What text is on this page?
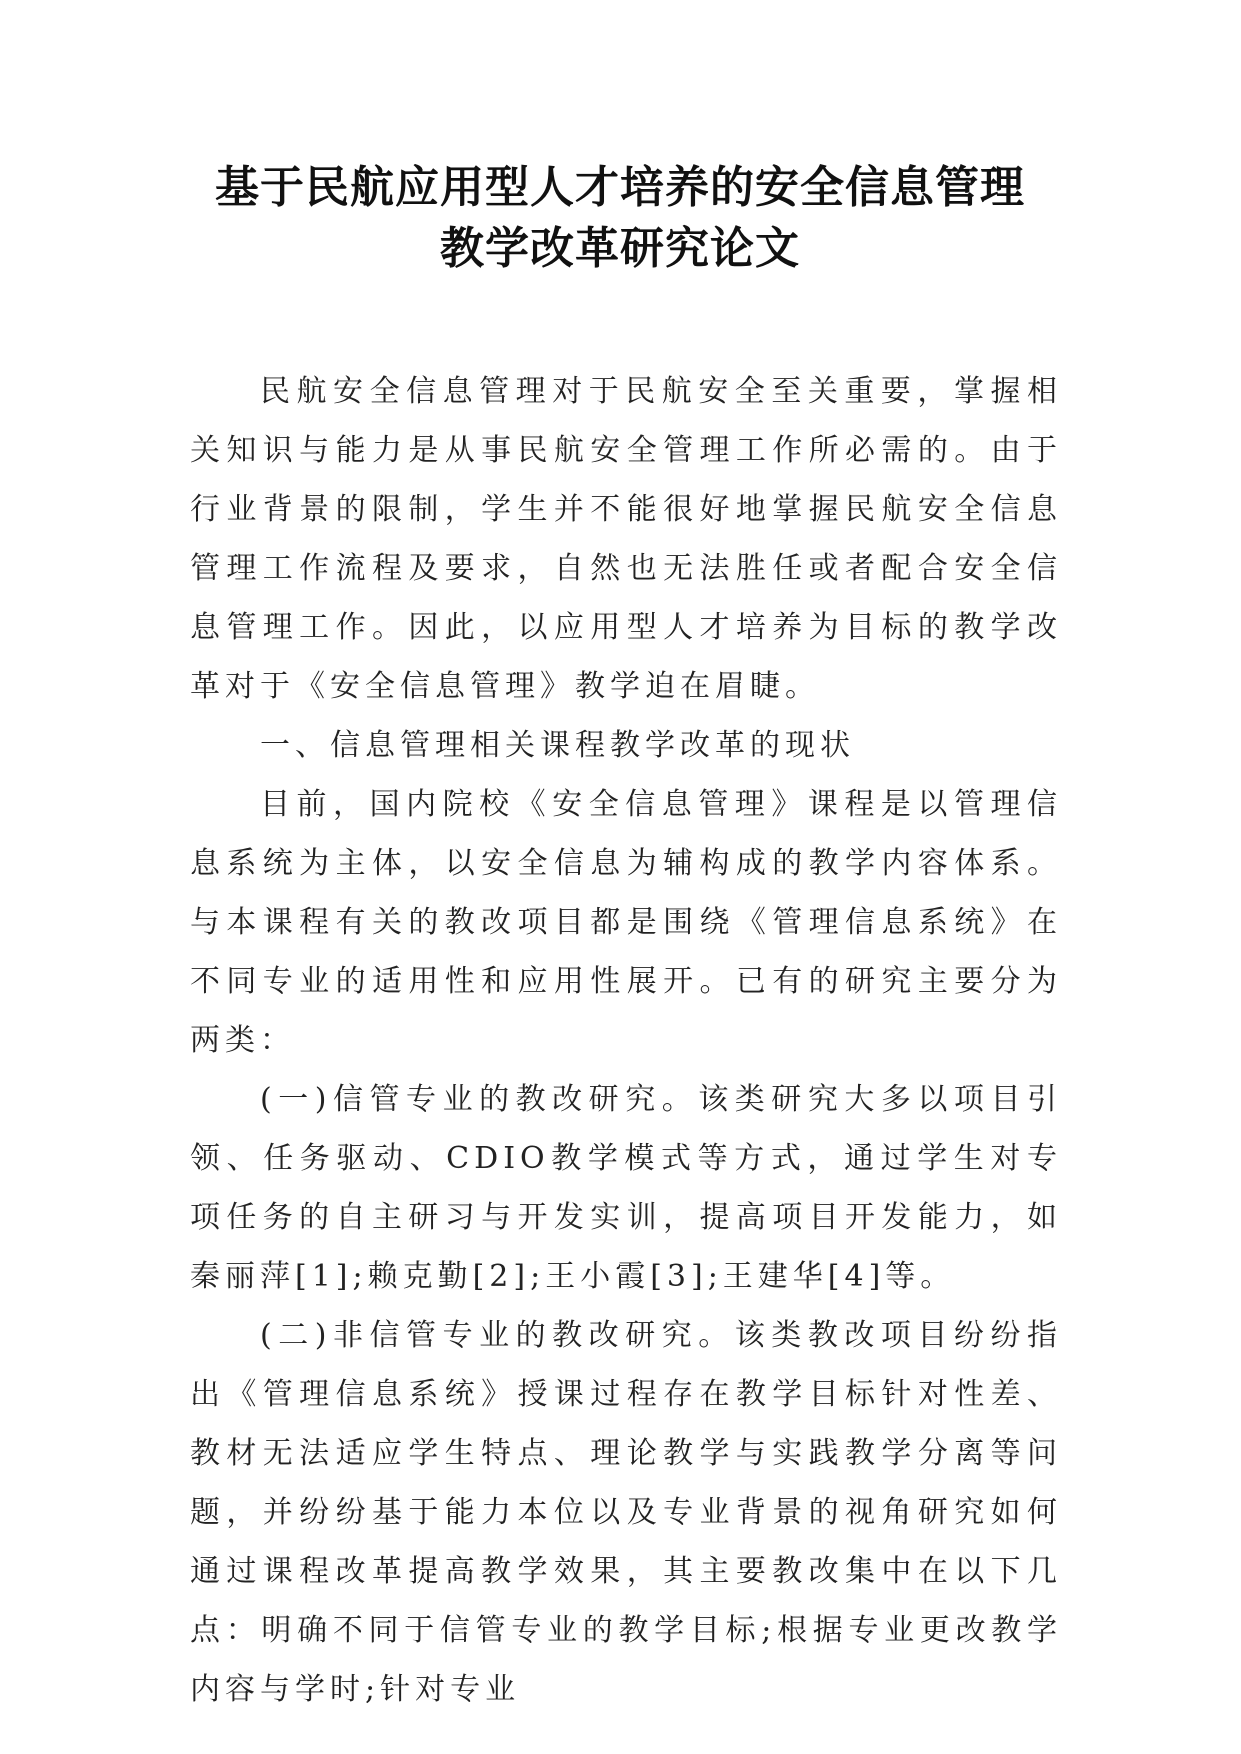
基于民航应用型人才培养的安全信息管理
教学改革研究论文

民航安全信息管理对于民航安全至关重要，掌握相关知识与能力是从事民航安全管理工作所必需的。由于行业背景的限制，学生并不能很好地掌握民航安全信息管理工作流程及要求，自然也无法胜任或者配合安全信息管理工作。因此，以应用型人才培养为目标的教学改革对于《安全信息管理》教学迫在眉睫。

一、信息管理相关课程教学改革的现状

目前，国内院校《安全信息管理》课程是以管理信息系统为主体，以安全信息为辅构成的教学内容体系。与本课程有关的教改项目都是围绕《管理信息系统》在不同专业的适用性和应用性展开。已有的研究主要分为两类：

(一)信管专业的教改研究。该类研究大多以项目引领、任务驱动、CDIO教学模式等方式，通过学生对专项任务的自主研习与开发实训，提高项目开发能力，如秦丽萍[1];赖克勤[2];王小霞[3];王建华[4]等。

(二)非信管专业的教改研究。该类教改项目纷纷指出《管理信息系统》授课过程存在教学目标针对性差、教材无法适应学生特点、理论教学与实践教学分离等问题，并纷纷基于能力本位以及专业背景的视角研究如何通过课程改革提高教学效果，其主要教改集中在以下几点：明确不同于信管专业的教学目标;根据专业更改教学内容与学时;针对专业
